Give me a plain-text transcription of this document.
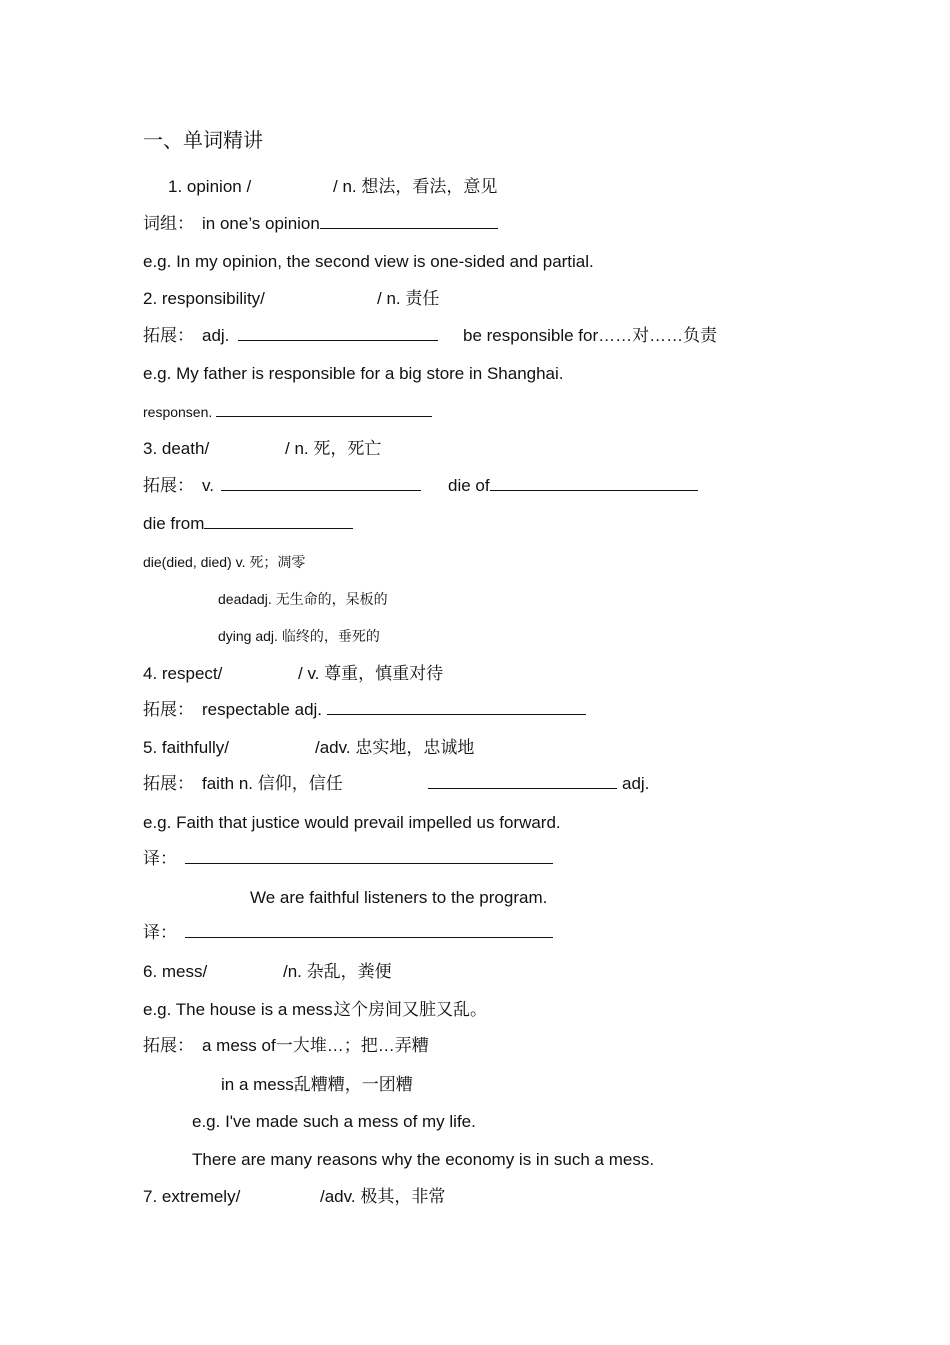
一、单词精讲
1. opinion /	/ n. 想法，看法，意见
词组： in one’s opinion
e.g. In my opinion, the second view is one-sided and partial.
2. responsibility/	/ n. 责任
拓展： adj.	be responsible for……对……负责
e.g. My father is responsible for a big store in Shanghai.
responsen.
3. death/	/ n. 死，死亡
拓展： v.	die of
die from
die(died, died) v. 死；凋零
deadadj. 无生命的，呆板的
dying adj. 临终的，垂死的
4. respect/	/ v. 尊重，慎重对待
拓展： respectable adj.
5. faithfully/	/adv. 忠实地，忠诚地
拓展： faith n. 信仰，信任	adj.
e.g. Faith that justice would prevail impelled us forward.
译：
We are faithful listeners to the program.
译：
6. mess/	/n. 杂乱，粪便
e.g. The house is a mess.
这个房间又脏又乱。
拓展： a mess of一大堆…；把…弄糟
in a mess乱糟糟，一团糟
e.g. I've made such a mess of my life.
There are many reasons why the economy is in such a mess.
7. extremely/	/adv. 极其，非常
